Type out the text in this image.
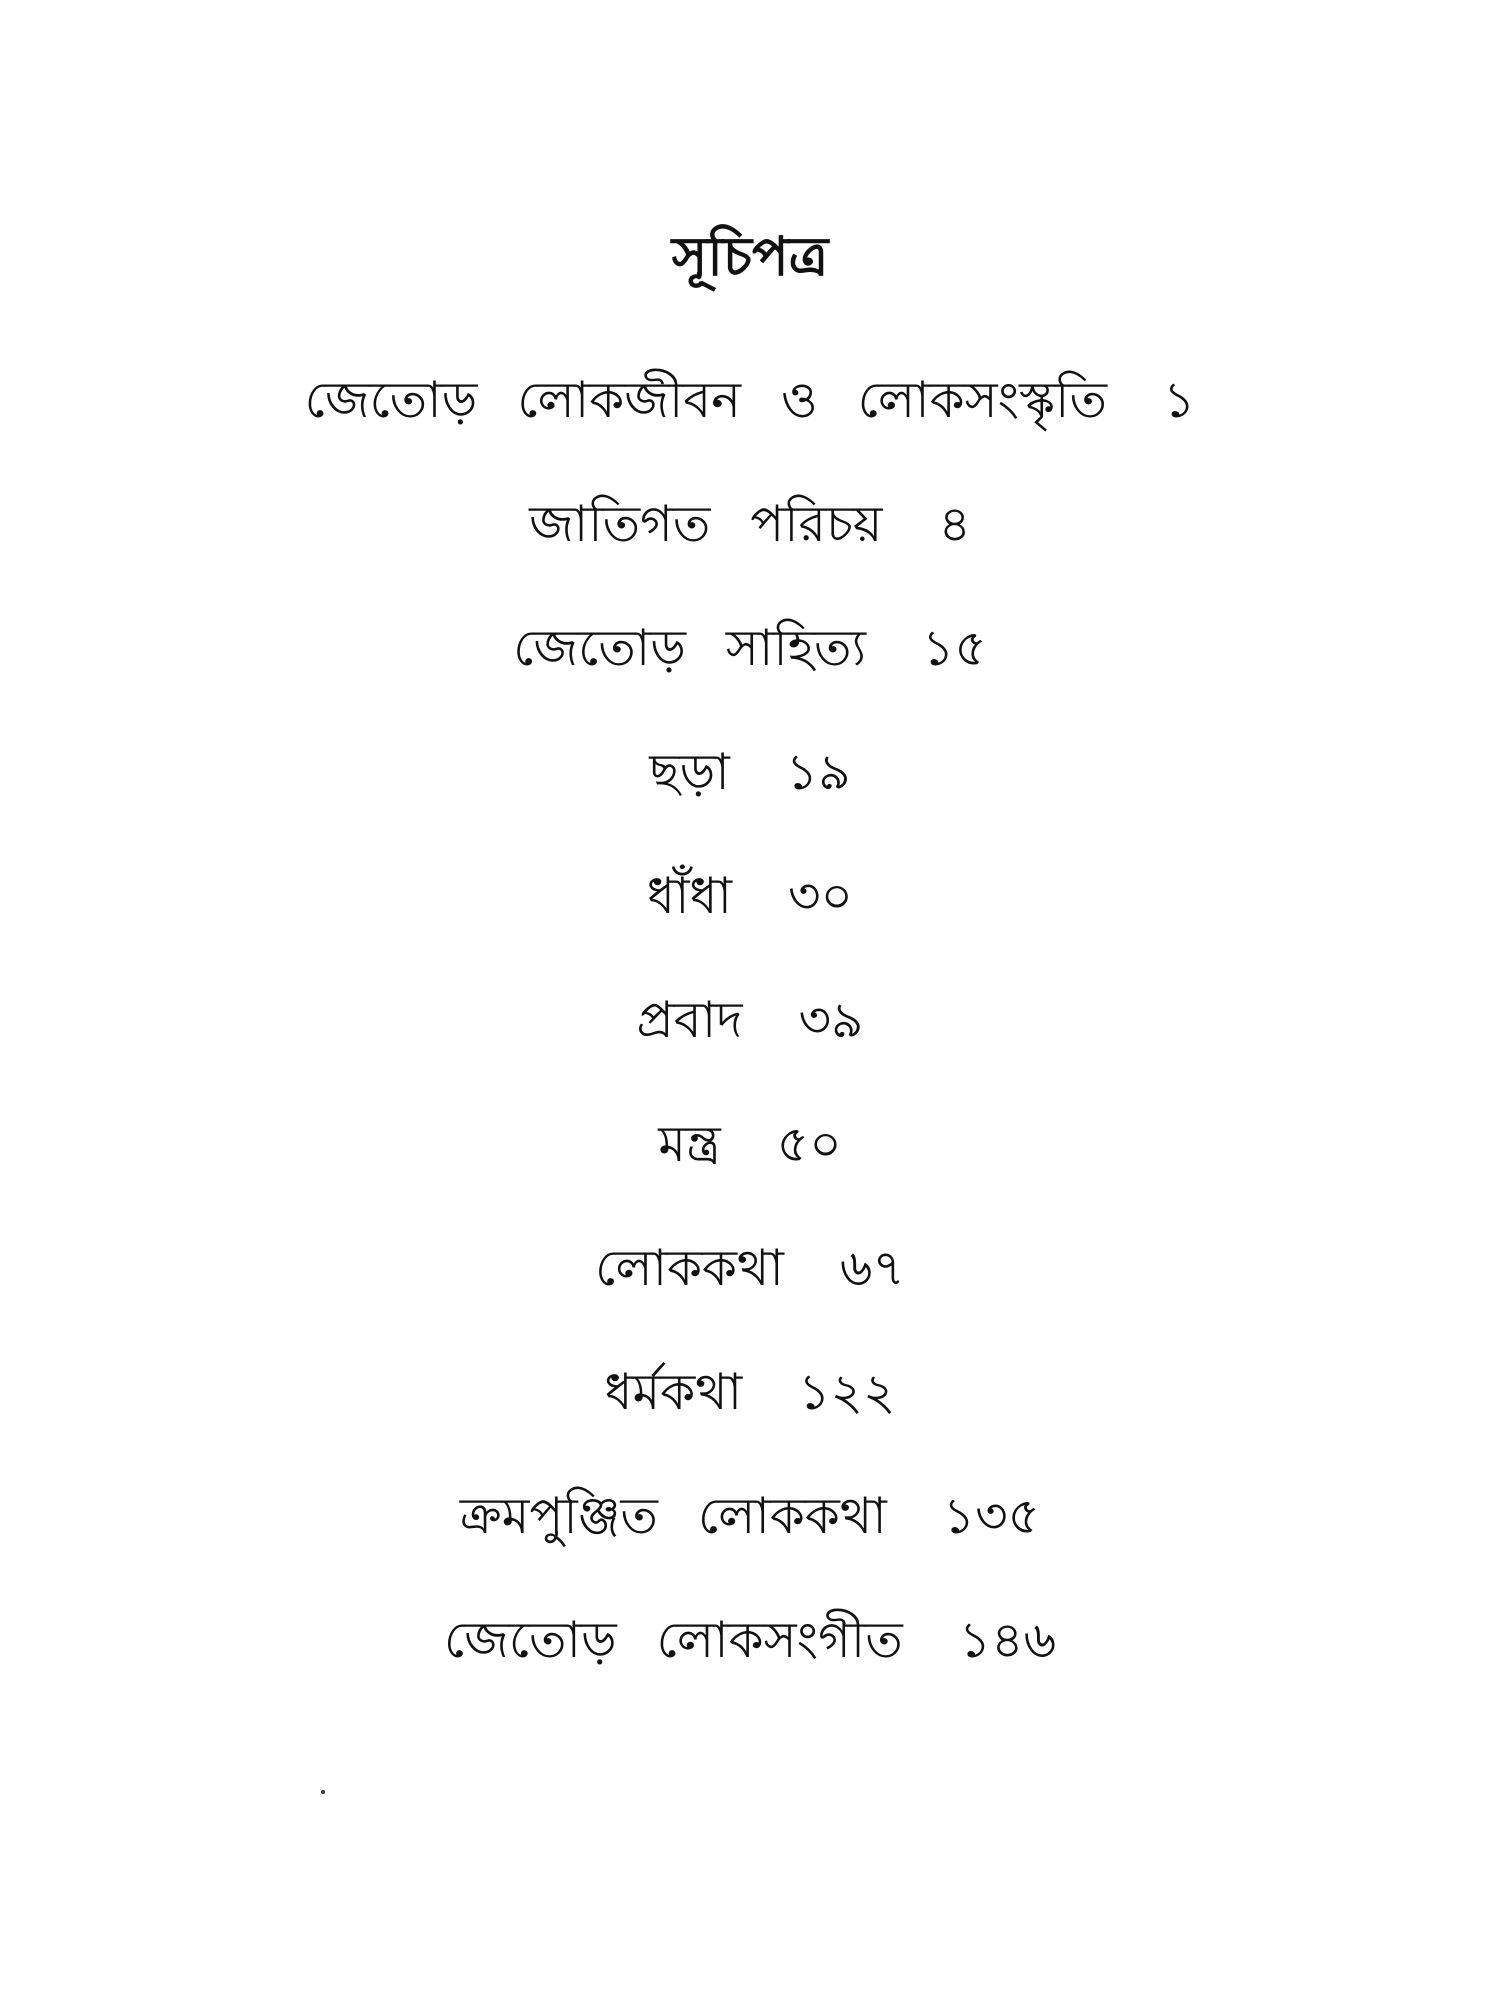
সূচিপত্র
জেতোড় লোকজীবন ও লোকসংস্কৃতি ১
জাতিগত পরিচয় ৪
জেতোড় সাহিত্য ১৫
ছড়া ১৯
ধাঁধা ৩০
প্রবাদ ৩৯
মন্ত্র ৫০
লোককথা ৬৭
ধর্মকথা ১২২
ক্রমপুঞ্জিত লোককথা ১৩৫
জেতোড় লোকসংগীত ১৪৬
